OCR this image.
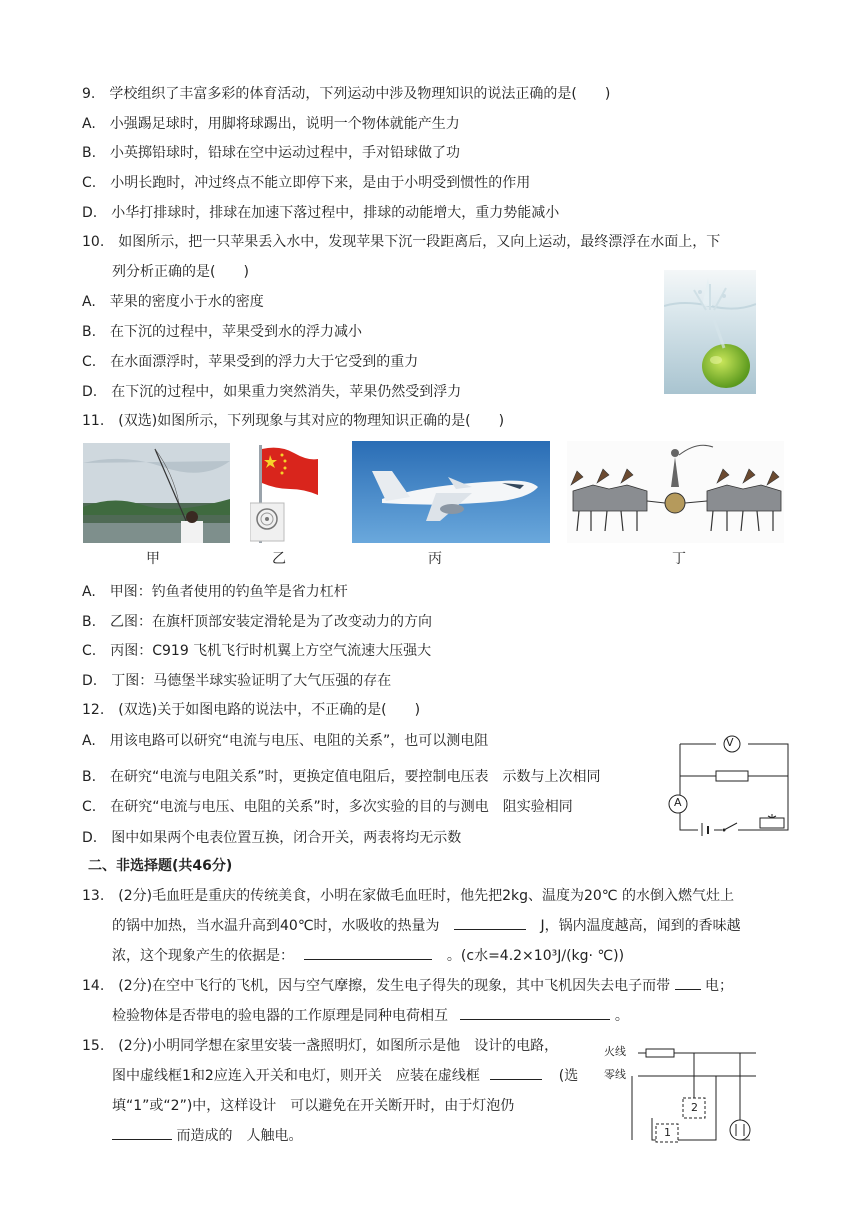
9.　学校组织了丰富多彩的体育活动，下列运动中涉及物理知识的说法正确的是(　　)
A.　小强踢足球时，用脚将球踢出，说明一个物体就能产生力
B.　小英掷铅球时，铅球在空中运动过程中，手对铅球做了功
C.　小明长跑时，冲过终点不能立即停下来，是由于小明受到惯性的作用
D.　小华打排球时，排球在加速下落过程中，排球的动能增大，重力势能减小
10.　如图所示，把一只苹果丢入水中，发现苹果下沉一段距离后，又向上运动，最终漂浮在水面上，下
列分析正确的是(　　)
A.　苹果的密度小于水的密度
B.　在下沉的过程中，苹果受到水的浮力减小
C.　在水面漂浮时，苹果受到的浮力大于它受到的重力
D.　在下沉的过程中，如果重力突然消失，苹果仍然受到浮力
11.　(双选)如图所示，下列现象与其对应的物理知识正确的是(　　)
甲	乙	丙	丁
A.　甲图：钓鱼者使用的钓鱼竿是省力杠杆
B.　乙图：在旗杆顶部安装定滑轮是为了改变动力的方向
C.　丙图：C919 飞机飞行时机翼上方空气流速大压强大
D.　丁图：马德堡半球实验证明了大气压强的存在
12.　(双选)关于如图电路的说法中，不正确的是(　　)
A.　用该电路可以研究“电流与电压、电阻的关系”，也可以测电阻
B.　在研究“电流与电阻关系”时，更换定值电阻后，要控制电压表　示数与上次相同
C.　在研究“电流与电压、电阻的关系”时，多次实验的目的与测电　阻实验相同
D.　图中如果两个电表位置互换，闭合开关，两表将均无示数
V
A
二、非选择题(共46分)
13.　(2分)毛血旺是重庆的传统美食，小明在家做毛血旺时，他先把2kg、温度为20℃ 的水倒入燃气灶上
的锅中加热，当水温升高到40℃时，水吸收的热量为	J，锅内温度越高，闻到的香味越
浓，这个现象产生的依据是：	。(c水=4.2×10³J/(kg· ℃))
14.　(2分)在空中飞行的飞机，因与空气摩擦，发生电子得失的现象，其中飞机因失去电子而带 电；
检验物体是否带电的验电器的工作原理是同种电荷相互	。
15.　(2分)小明同学想在家里安装一盏照明灯，如图所示是他　设计的电路，
图中虚线框1和2应连入开关和电灯，则开关　应装在虚线框	(选
填“1”或“2”)中，这样设计　可以避免在开关断开时，由于灯泡仍
而造成的　人触电。
火线
零线
2
1
